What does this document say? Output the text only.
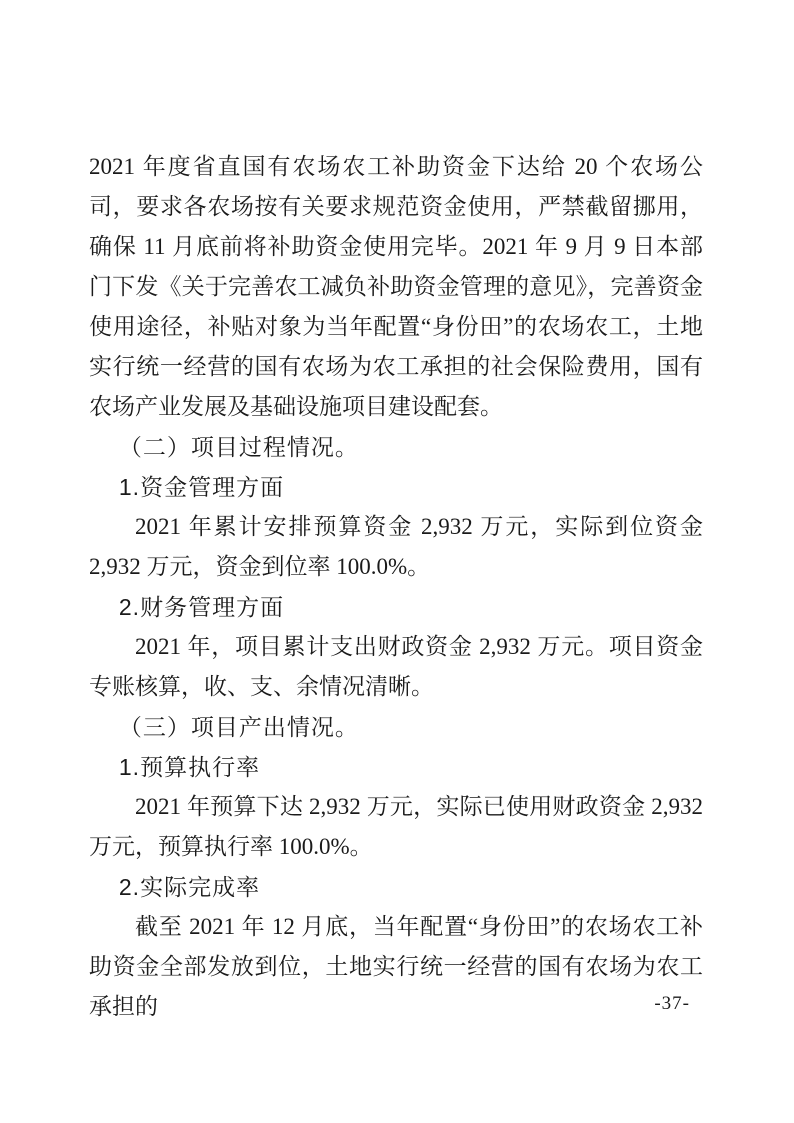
2021 年度省直国有农场农工补助资金下达给 20 个农场公司，要求各农场按有关要求规范资金使用，严禁截留挪用，确保 11 月底前将补助资金使用完毕。2021 年 9 月 9 日本部门下发《关于完善农工减负补助资金管理的意见》，完善资金使用途径，补贴对象为当年配置“身份田”的农场农工，土地实行统一经营的国有农场为农工承担的社会保险费用，国有农场产业发展及基础设施项目建设配套。

（二）项目过程情况。
1.资金管理方面

2021 年累计安排预算资金 2,932 万元，实际到位资金 2,932 万元，资金到位率 100.0%。

2.财务管理方面

2021 年，项目累计支出财政资金 2,932 万元。项目资金专账核算，收、支、余情况清晰。

（三）项目产出情况。
1.预算执行率

2021 年预算下达 2,932 万元，实际已使用财政资金 2,932 万元，预算执行率 100.0%。

2.实际完成率

截至 2021 年 12 月底，当年配置“身份田”的农场农工补助资金全部发放到位，土地实行统一经营的国有农场为农工承担的	-37-
